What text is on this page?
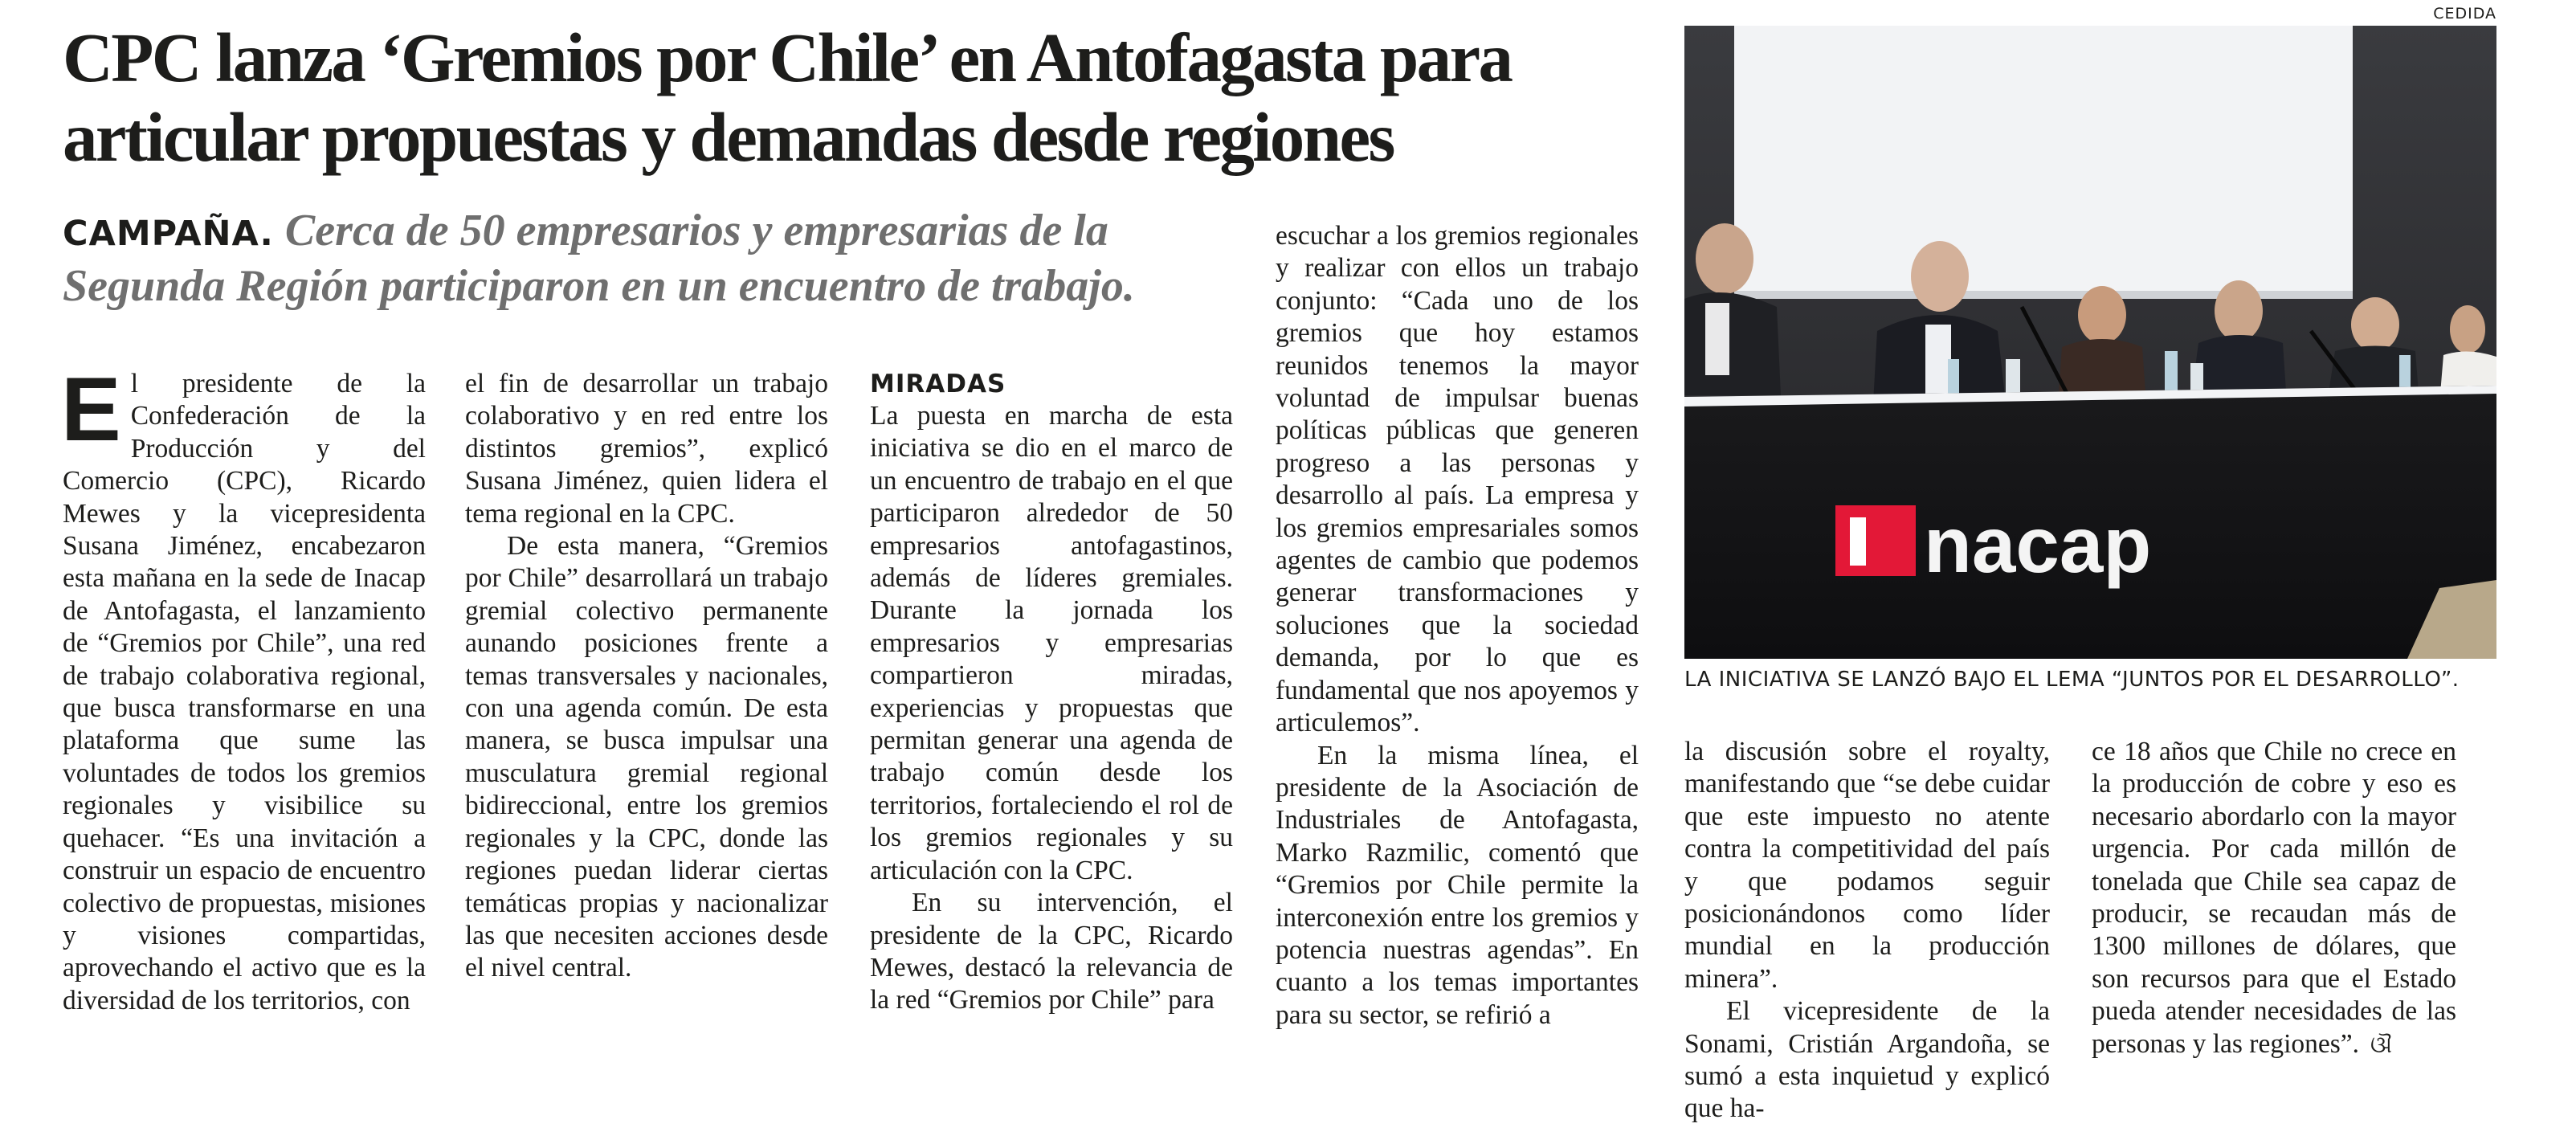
CPC lanza ‘Gremios por Chile’ en Antofagasta para articular propuestas y demandas desde regiones
CAMPAÑA. Cerca de 50 empresarios y empresarias de la Segunda Región participaron en un encuentro de trabajo.

El presidente de la Confederación de la Producción y del Comercio (CPC), Ricardo Mewes y la vicepresidenta Susana Jiménez, encabezaron esta mañana en la sede de Inacap de Antofagasta, el lanzamiento de “Gremios por Chile”, una red de trabajo colaborativa regional, que busca transformarse en una plataforma que sume las voluntades de todos los gremios regionales y visibilice su quehacer. “Es una invitación a construir un espacio de encuentro colectivo de propuestas, misiones y visiones compartidas, aprovechando el activo que es la diversidad de los territorios, con

el fin de desarrollar un trabajo colaborativo y en red entre los distintos gremios”, explicó Susana Jiménez, quien lidera el tema regional en la CPC.

De esta manera, “Gremios por Chile” desarrollará un trabajo gremial colectivo permanente aunando posiciones frente a temas transversales y nacionales, con una agenda común. De esta manera, se busca impulsar una musculatura gremial regional bidireccional, entre los gremios regionales y la CPC, donde las regiones puedan liderar ciertas temáticas propias y nacionalizar las que necesiten acciones desde el nivel central.

MIRADAS

La puesta en marcha de esta iniciativa se dio en el marco de un encuentro de trabajo en el que participaron alrededor de 50 empresarios antofagastinos, además de líderes gremiales. Durante la jornada los empresarios y empresarias compartieron miradas, experiencias y propuestas que permitan generar una agenda de trabajo común desde los territorios, fortaleciendo el rol de los gremios regionales y su articulación con la CPC.

En su intervención, el presidente de la CPC, Ricardo Mewes, destacó la relevancia de la red “Gremios por Chile” para

escuchar a los gremios regionales y realizar con ellos un trabajo conjunto: “Cada uno de los gremios que hoy estamos reunidos tenemos la mayor voluntad de impulsar buenas políticas públicas que generen progreso a las personas y desarrollo al país. La empresa y los gremios empresariales somos agentes de cambio que podemos generar transformaciones y soluciones que la sociedad demanda, por lo que es fundamental que nos apoyemos y articulemos”.

En la misma línea, el presidente de la Asociación de Industriales de Antofagasta, Marko Razmilic, comentó que “Gremios por Chile permite la interconexión entre los gremios y potencia nuestras agendas”. En cuanto a los temas importantes para su sector, se refirió a

CEDIDA
nacap
LA INICIATIVA SE LANZÓ BAJO EL LEMA “JUNTOS POR EL DESARROLLO”.

la discusión sobre el royalty, manifestando que “se debe cuidar que este impuesto no atente contra la competitividad del país y que podamos seguir posicionándonos como líder mundial en la producción minera”.

El vicepresidente de la Sonami, Cristián Argandoña, se sumó a esta inquietud y explicó que ha-

ce 18 años que Chile no crece en la producción de cobre y eso es necesario abordarlo con la mayor urgencia. Por cada millón de tonelada que Chile sea capaz de producir, se recaudan más de 1300 millones de dólares, que son recursos para que el Estado pueda atender necesidades de las personas y las regiones”. ଔ
